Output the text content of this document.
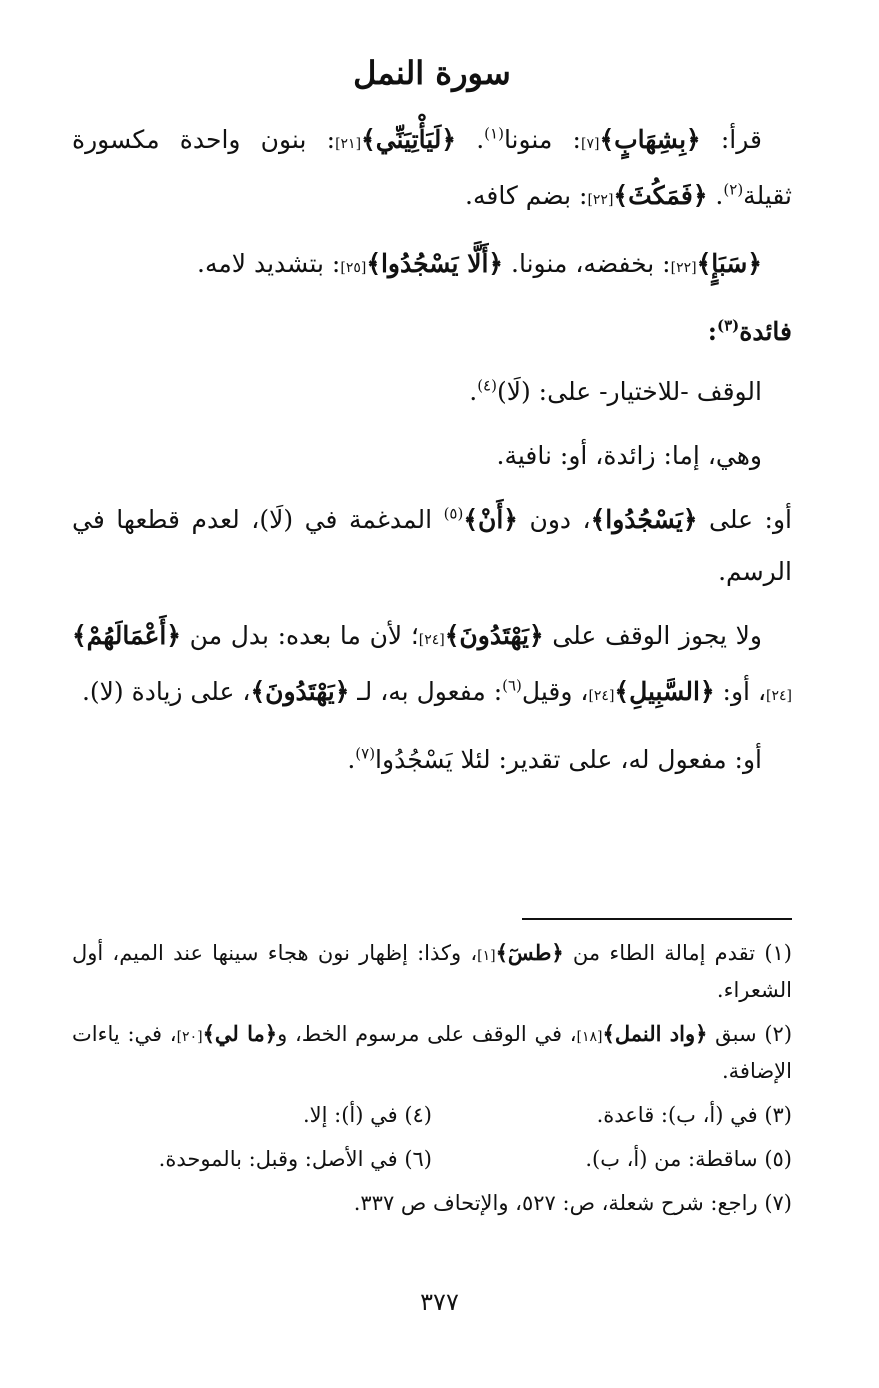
سورة النمل

قرأ: ﴿بِشِهَابٍ﴾[٧]: منونا$^{(١)}$. ﴿لَيَأْتِيَنِّي﴾[٢١]: بنون واحدة مكسورة ثقيلة$^{(٢)}$. ﴿فَمَكُثَ﴾[٢٢]: بضم كافه.

﴿سَبَإٍ﴾[٢٢]: بخفضه، منونا. ﴿أَلَّا يَسْجُدُوا﴾[٢٥]: بتشديد لامه.

فائدة$^{(٣)}$:

الوقف -للاختيار- على: (لَا)$^{(٤)}$.

وهي، إما: زائدة، أو: نافية.

أو: على ﴿يَسْجُدُوا﴾، دون ﴿أَنْ﴾$^{(٥)}$ المدغمة في (لَا)، لعدم قطعها في الرسم.

ولا يجوز الوقف على ﴿يَهْتَدُونَ﴾[٢٤]؛ لأن ما بعده: بدل من ﴿أَعْمَالَهُمْ﴾[٢٤]، أو: ﴿السَّبِيلِ﴾[٢٤]، وقيل$^{(٦)}$: مفعول به، لـ ﴿يَهْتَدُونَ﴾، على زيادة (لا).

أو: مفعول له، على تقدير: لئلا يَسْجُدُوا$^{(٧)}$.

(١) تقدم إمالة الطاء من ﴿طسٓ﴾[١]، وكذا: إظهار نون هجاء سينها عند الميم، أول الشعراء.

(٢) سبق ﴿واد النمل﴾[١٨]، في الوقف على مرسوم الخط، و﴿ما لي﴾[٢٠]، في: ياءات الإضافة.

(٣) في (أ، ب): قاعدة.
(٤) في (أ): إلا.
(٥) ساقطة: من (أ، ب).
(٦) في الأصل: وقبل: بالموحدة.

(٧) راجع: شرح شعلة، ص: ٥٢٧، والإتحاف ص ٣٣٧.

٣٧٧
